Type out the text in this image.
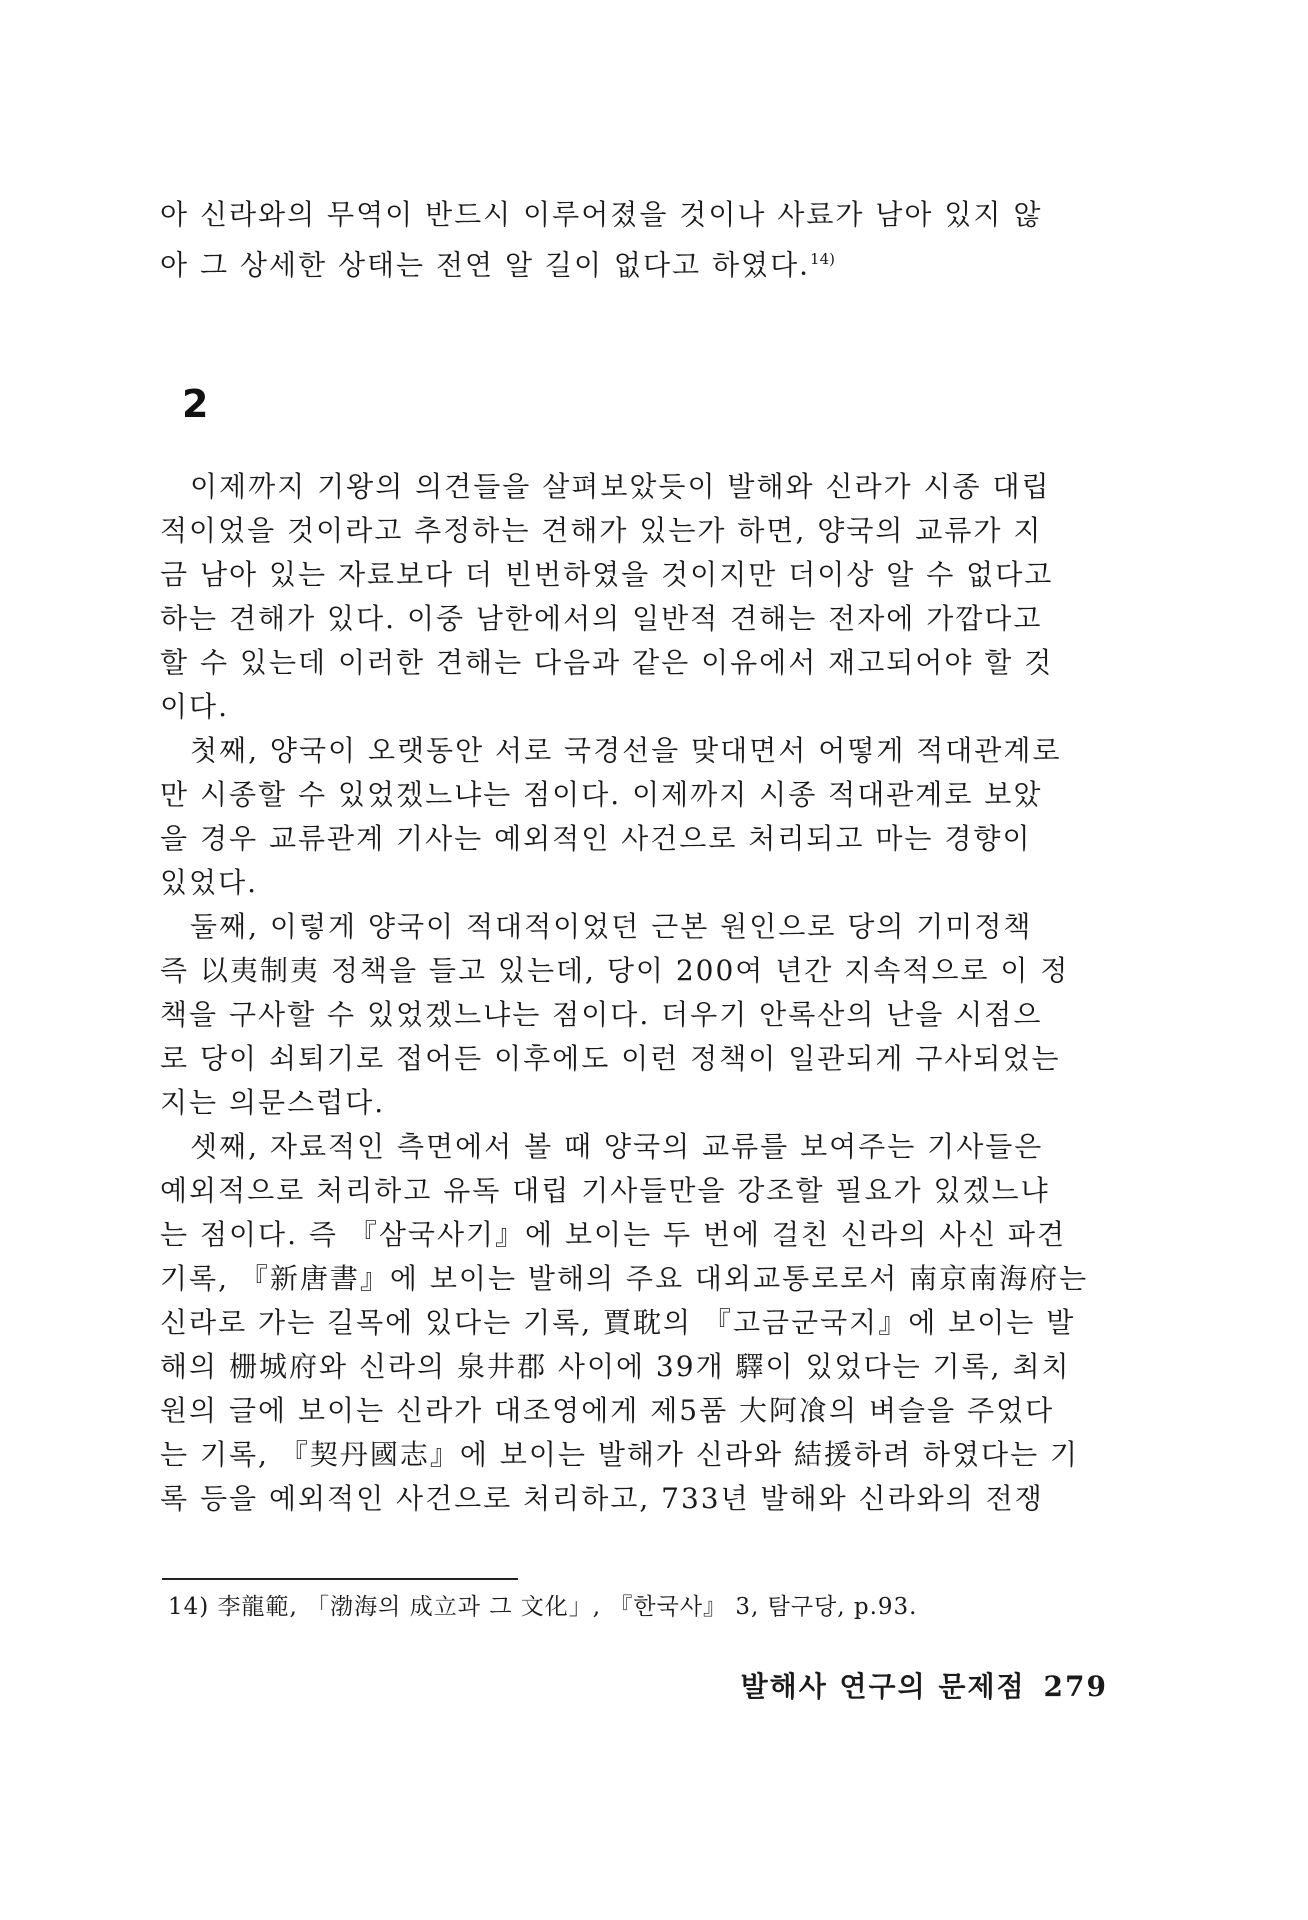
아 신라와의 무역이 반드시 이루어졌을 것이나 사료가 남아 있지 않
아 그 상세한 상태는 전연 알 길이 없다고 하였다.$^{14)}$
2
　이제까지 기왕의 의견들을 살펴보았듯이 발해와 신라가 시종 대립
적이었을 것이라고 추정하는 견해가 있는가 하면, 양국의 교류가 지
금 남아 있는 자료보다 더 빈번하였을 것이지만 더이상 알 수 없다고
하는 견해가 있다. 이중 남한에서의 일반적 견해는 전자에 가깝다고
할 수 있는데 이러한 견해는 다음과 같은 이유에서 재고되어야 할 것
이다.
　첫째, 양국이 오랫동안 서로 국경선을 맞대면서 어떻게 적대관계로
만 시종할 수 있었겠느냐는 점이다. 이제까지 시종 적대관계로 보았
을 경우 교류관계 기사는 예외적인 사건으로 처리되고 마는 경향이
있었다.
　둘째, 이렇게 양국이 적대적이었던 근본 원인으로 당의 기미정책
즉 以夷制夷 정책을 들고 있는데, 당이 200여 년간 지속적으로 이 정
책을 구사할 수 있었겠느냐는 점이다. 더우기 안록산의 난을 시점으
로 당이 쇠퇴기로 접어든 이후에도 이런 정책이 일관되게 구사되었는
지는 의문스럽다.
　셋째, 자료적인 측면에서 볼 때 양국의 교류를 보여주는 기사들은
예외적으로 처리하고 유독 대립 기사들만을 강조할 필요가 있겠느냐
는 점이다. 즉 『삼국사기』에 보이는 두 번에 걸친 신라의 사신 파견
기록, 『新唐書』에 보이는 발해의 주요 대외교통로로서 南京南海府는
신라로 가는 길목에 있다는 기록, 賈耽의 『고금군국지』에 보이는 발
해의 栅城府와 신라의 泉井郡 사이에 39개 驛이 있었다는 기록, 최치
원의 글에 보이는 신라가 대조영에게 제5품 大阿飡의 벼슬을 주었다
는 기록, 『契丹國志』에 보이는 발해가 신라와 結援하려 하였다는 기
록 등을 예외적인 사건으로 처리하고, 733년 발해와 신라와의 전쟁
14) 李龍範, 「渤海의 成立과 그 文化」, 『한국사』 3, 탐구당, p.93.
발해사 연구의 문제점 279
